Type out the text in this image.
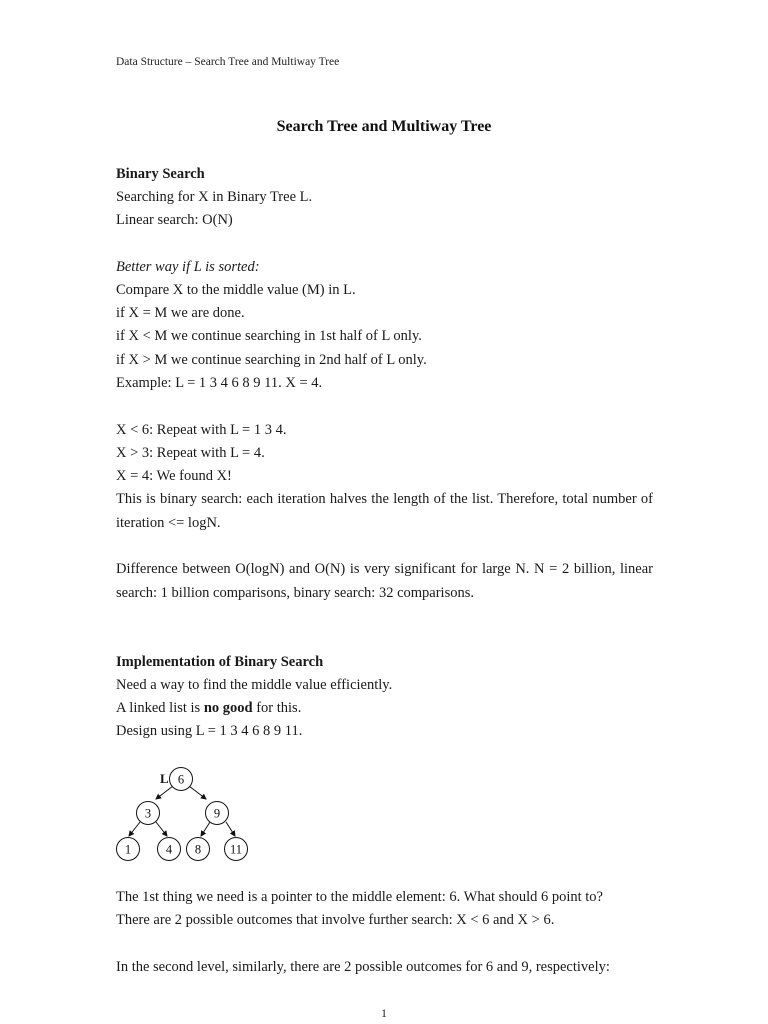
Data Structure – Search Tree and Multiway Tree
Search Tree and Multiway Tree
Binary Search
Searching for X in Binary Tree L.
Linear search: O(N)
Better way if L is sorted:
Compare X to the middle value (M) in L.
if X = M we are done.
if X < M we continue searching in 1st half of L only.
if X > M we continue searching in 2nd half of L only.
Example: L = 1 3 4 6 8 9 11. X = 4.
X < 6: Repeat with L = 1 3 4.
X > 3: Repeat with L = 4.
X = 4: We found X!
This is binary search: each iteration halves the length of the list. Therefore, total number of iteration <= logN.
Difference between O(logN) and O(N) is very significant for large N. N = 2 billion, linear search: 1 billion comparisons, binary search: 32 comparisons.
Implementation of Binary Search
Need a way to find the middle value efficiently.
A linked list is no good for this.
Design using L = 1 3 4 6 8 9 11.
L 6
3	9
1	4 8 11
The 1st thing we need is a pointer to the middle element: 6. What should 6 point to?
There are 2 possible outcomes that involve further search: X < 6 and X > 6.
In the second level, similarly, there are 2 possible outcomes for 6 and 9, respectively:
1
